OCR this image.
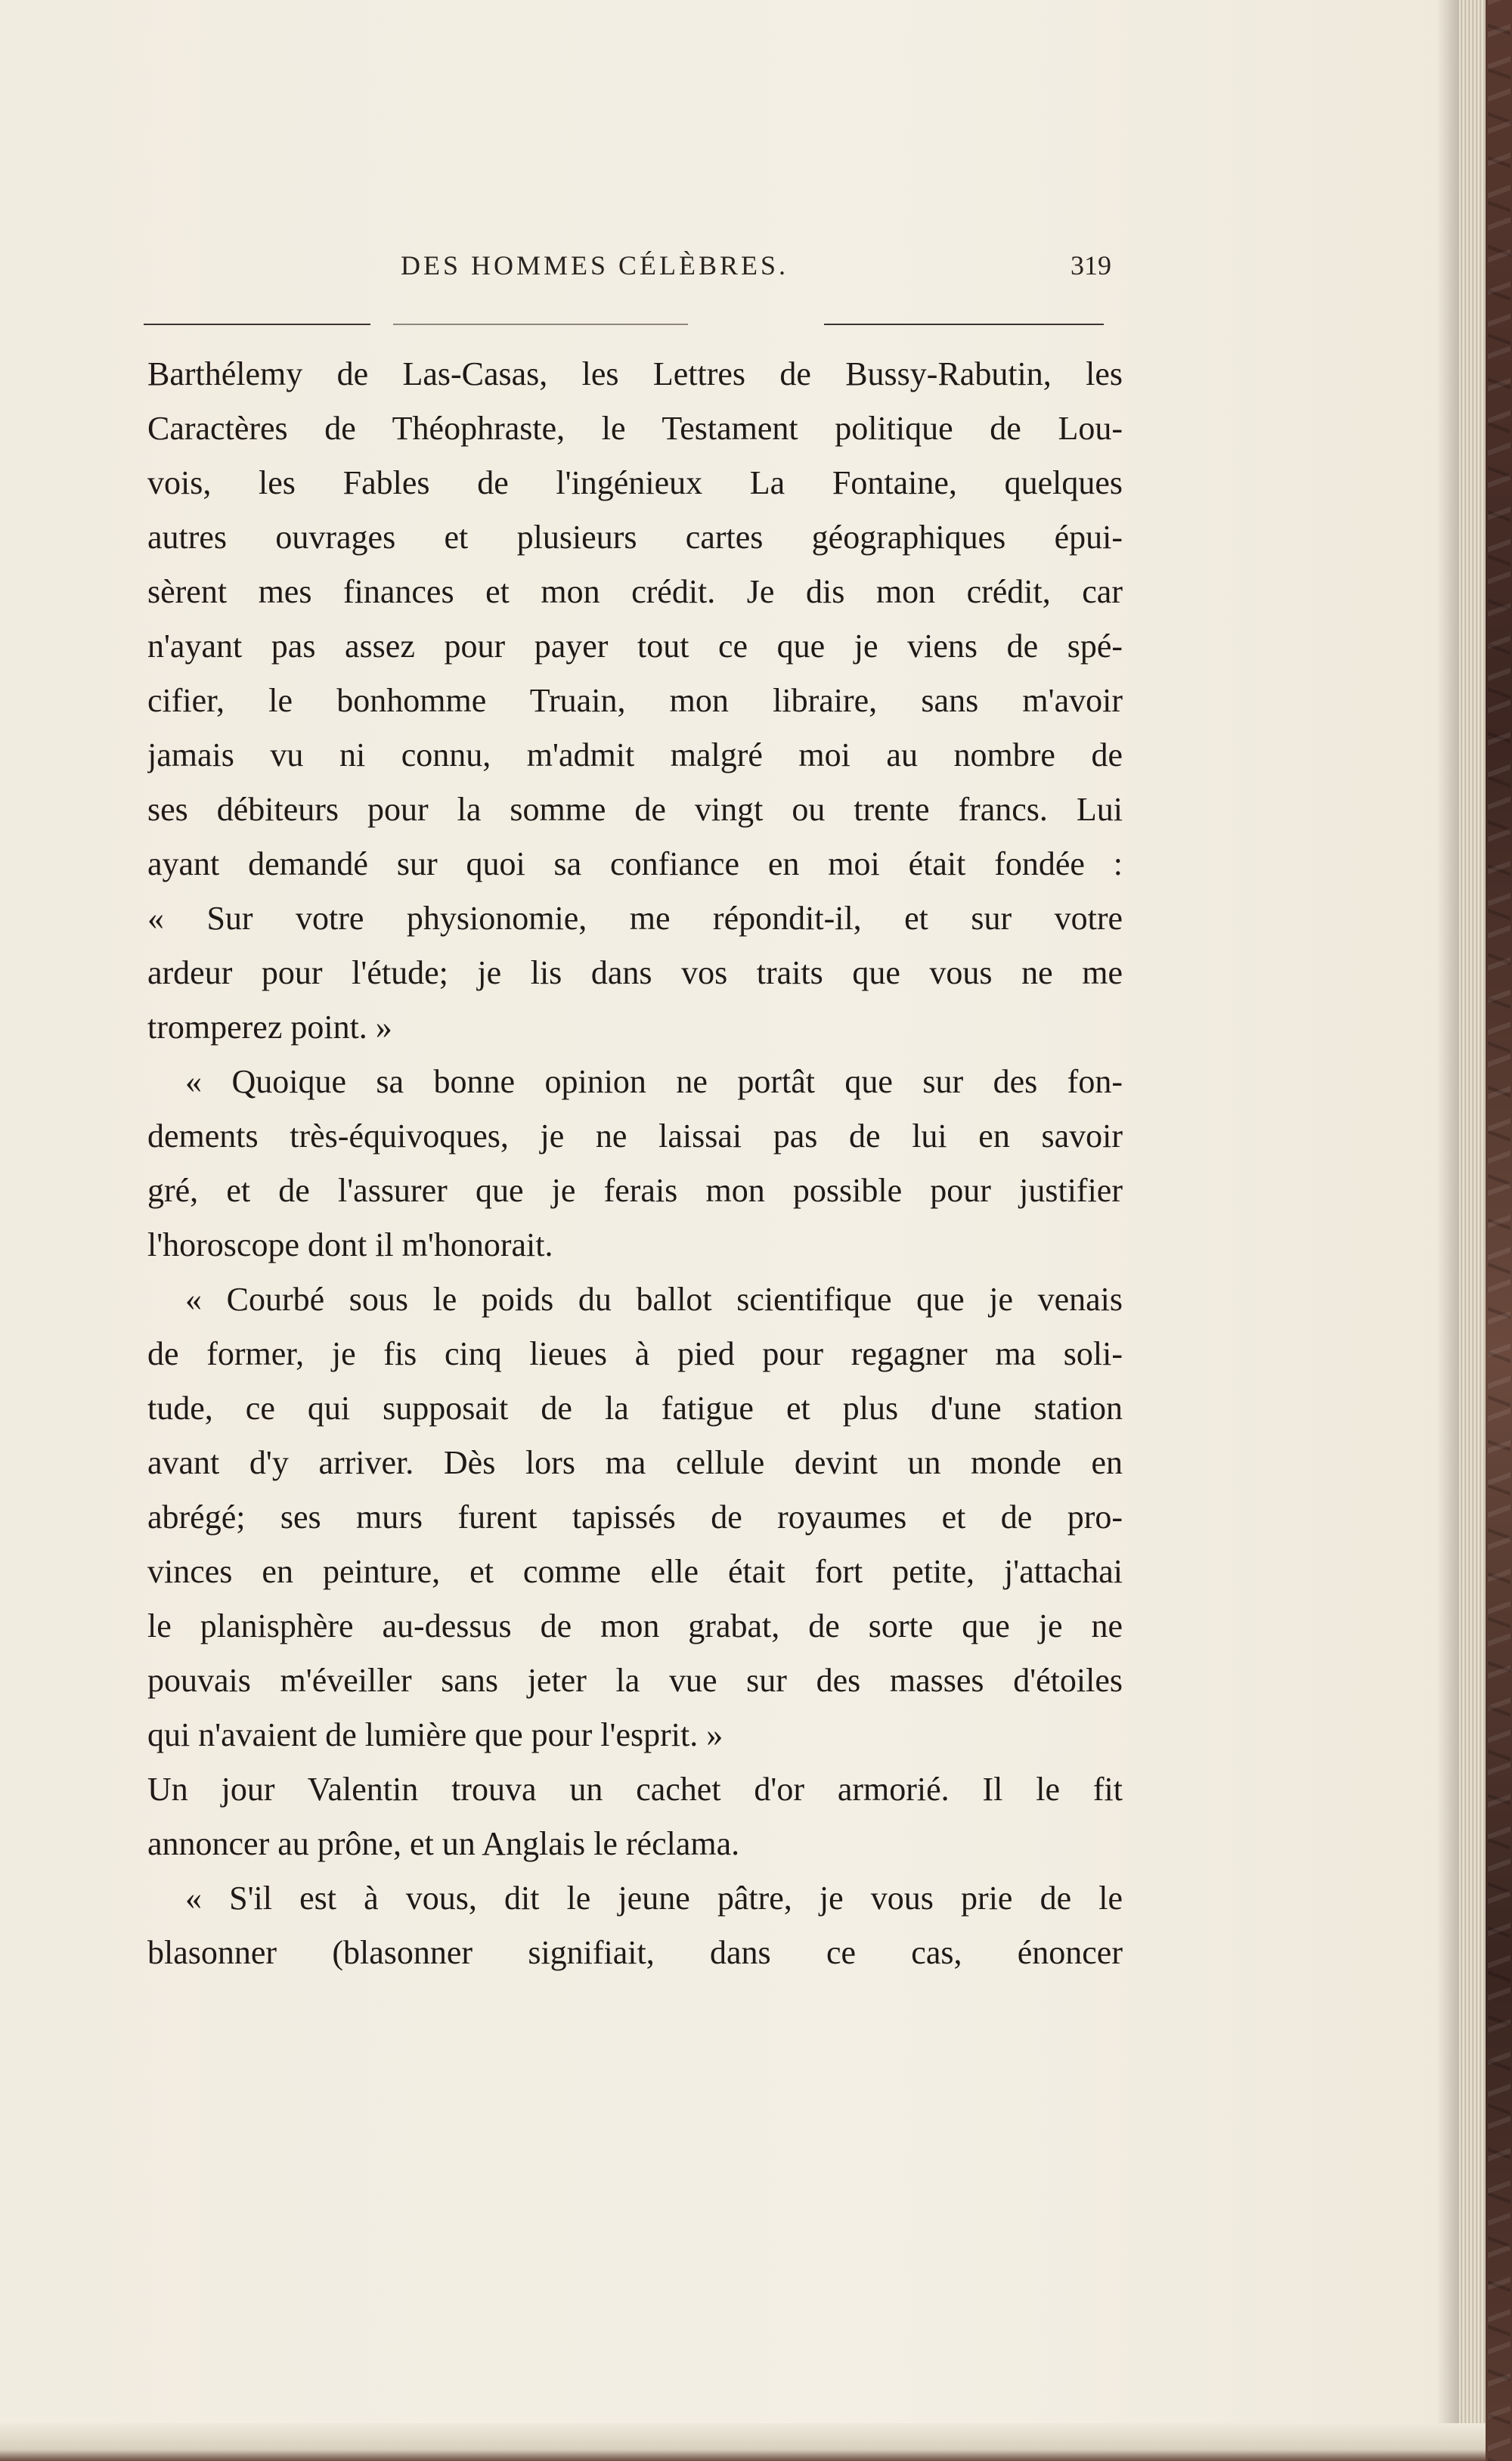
DES HOMMES CÉLÈBRES.	319
Barthélemy de Las-Casas, les Lettres de Bussy-Rabutin, les
Caractères de Théophraste, le Testament politique de Lou-
vois, les Fables de l'ingénieux La Fontaine, quelques
autres ouvrages et plusieurs cartes géographiques épui-
sèrent mes finances et mon crédit. Je dis mon crédit, car
n'ayant pas assez pour payer tout ce que je viens de spé-
cifier, le bonhomme Truain, mon libraire, sans m'avoir
jamais vu ni connu, m'admit malgré moi au nombre de
ses débiteurs pour la somme de vingt ou trente francs. Lui
ayant demandé sur quoi sa confiance en moi était fondée :
« Sur votre physionomie, me répondit-il, et sur votre
ardeur pour l'étude; je lis dans vos traits que vous ne me
tromperez point. »
« Quoique sa bonne opinion ne portât que sur des fon-
dements très-équivoques, je ne laissai pas de lui en savoir
gré, et de l'assurer que je ferais mon possible pour justifier
l'horoscope dont il m'honorait.
« Courbé sous le poids du ballot scientifique que je venais
de former, je fis cinq lieues à pied pour regagner ma soli-
tude, ce qui supposait de la fatigue et plus d'une station
avant d'y arriver. Dès lors ma cellule devint un monde en
abrégé; ses murs furent tapissés de royaumes et de pro-
vinces en peinture, et comme elle était fort petite, j'attachai
le planisphère au-dessus de mon grabat, de sorte que je ne
pouvais m'éveiller sans jeter la vue sur des masses d'étoiles
qui n'avaient de lumière que pour l'esprit. »
Un jour Valentin trouva un cachet d'or armorié. Il le fit
annoncer au prône, et un Anglais le réclama.
« S'il est à vous, dit le jeune pâtre, je vous prie de le
blasonner (blasonner signifiait, dans ce cas, énoncer
